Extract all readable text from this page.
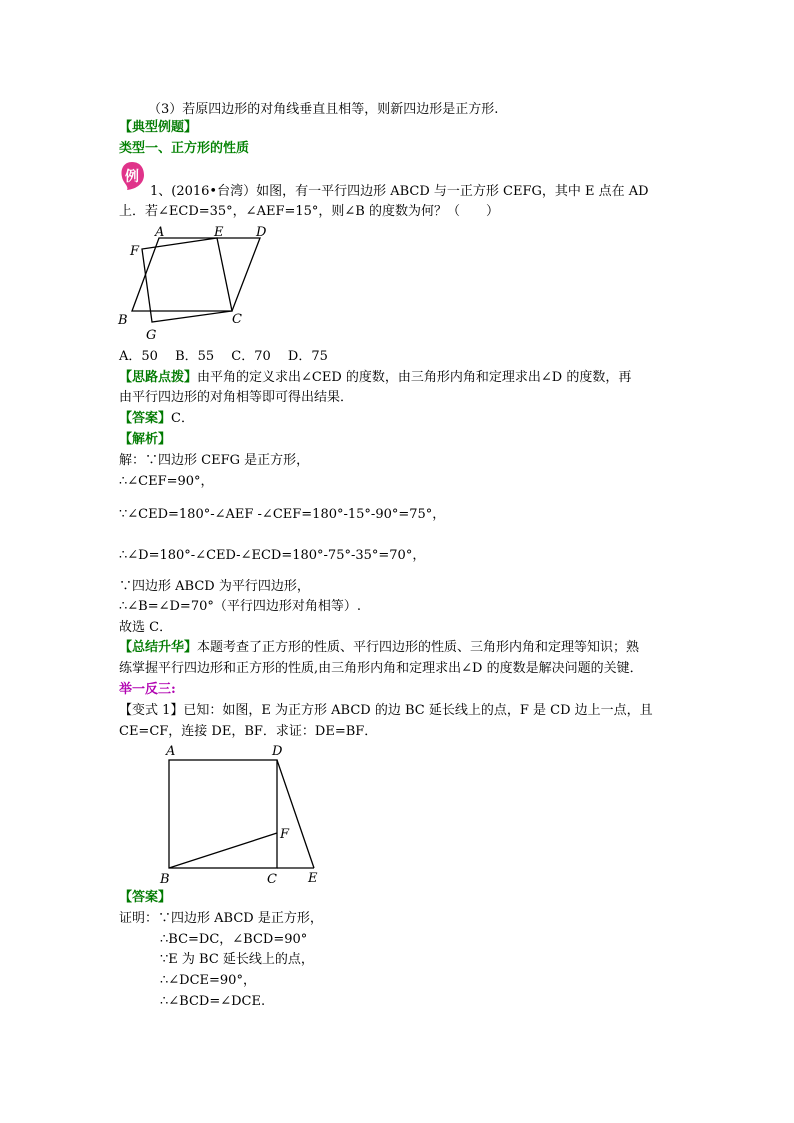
（3）若原四边形的对角线垂直且相等，则新四边形是正方形.
【典型例题】
类型一、正方形的性质
例
1、(2016•台湾）如图，有一平行四边形 ABCD 与一正方形 CEFG，其中 E 点在 AD
上．若∠ECD=35°，∠AEF=15°，则∠B 的度数为何？（　　）
A	E	D
F
B
G
C
A．50　 B．55　 C．70　 D．75
【思路点拨】由平角的定义求出∠CED 的度数，由三角形内角和定理求出∠D 的度数，再
由平行四边形的对角相等即可得出结果．
【答案】C．
【解析】
解：∵四边形 CEFG 是正方形，
∴∠CEF=90°，
∵∠CED=180°-∠AEF -∠CEF=180°-15°-90°=75°，
∴∠D=180°-∠CED-∠ECD=180°-75°-35°=70°，
∵四边形 ABCD 为平行四边形，
∴∠B=∠D=70°（平行四边形对角相等）.
故选 C．
【总结升华】本题考查了正方形的性质、平行四边形的性质、三角形内角和定理等知识；熟
练掌握平行四边形和正方形的性质,由三角形内角和定理求出∠D 的度数是解决问题的关键．
举一反三:
【变式 1】已知：如图，E 为正方形 ABCD 的边 BC 延长线上的点，F 是 CD 边上一点，且
CE=CF，连接 DE，BF．求证：DE=BF．
A	D
F
B	C E
【答案】
证明：∵四边形 ABCD 是正方形，
∴BC=DC，∠BCD=90°
∵E 为 BC 延长线上的点，
∴∠DCE=90°，
∴∠BCD=∠DCE.
